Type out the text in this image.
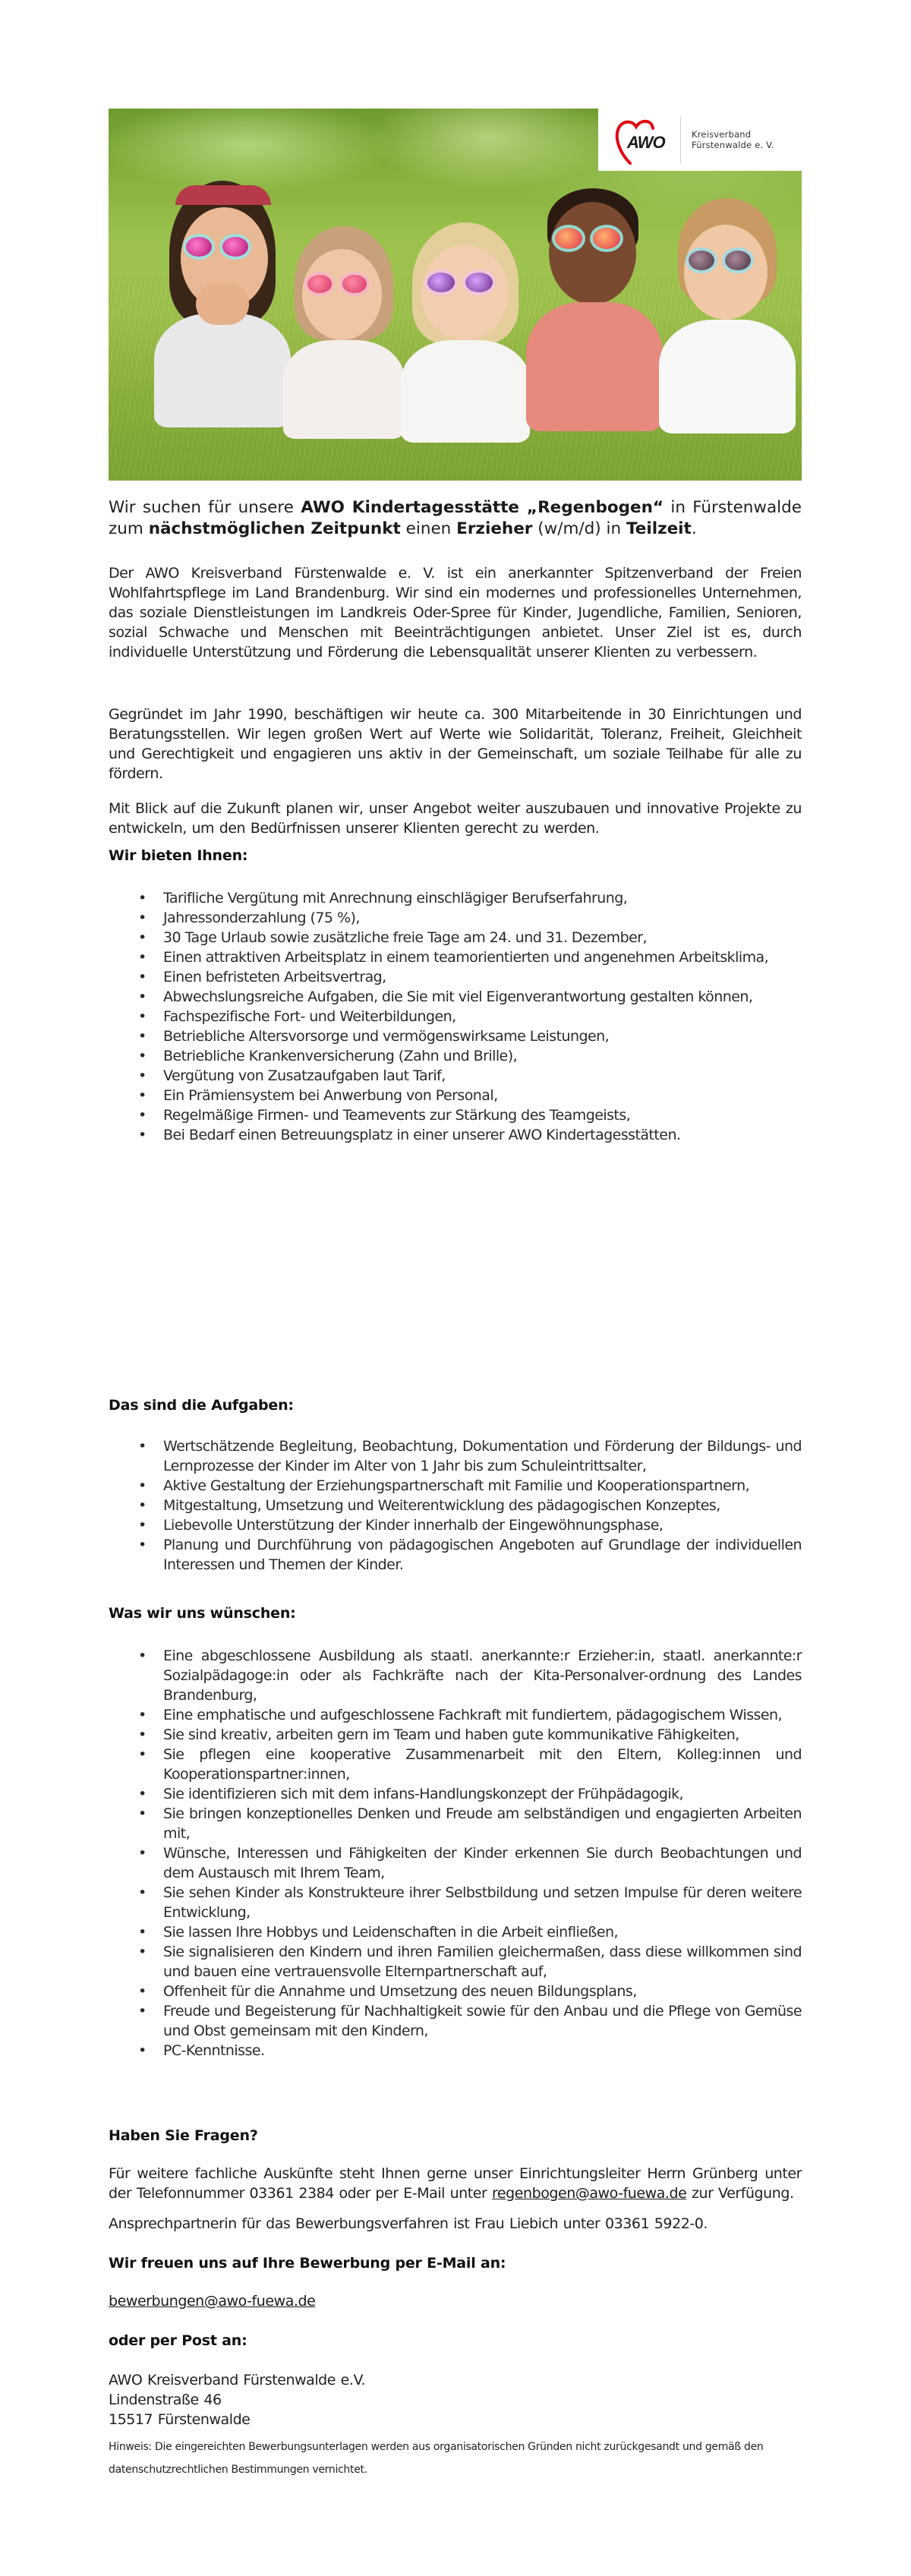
AWO	Kreisverband
Fürstenwalde e. V.

Wir suchen für unsere AWO Kindertagesstätte „Regenbogen“ in Fürstenwalde zum nächstmöglichen Zeitpunkt einen Erzieher (w/m/d) in Teilzeit.

Der AWO Kreisverband Fürstenwalde e. V. ist ein anerkannter Spitzenverband der Freien Wohlfahrtspflege im Land Brandenburg. Wir sind ein modernes und professionelles Unternehmen, das soziale Dienstleistungen im Landkreis Oder-Spree für Kinder, Jugendliche, Familien, Senioren, sozial Schwache und Menschen mit Beeinträchtigungen anbietet. Unser Ziel ist es, durch individuelle Unterstützung und Förderung die Lebensqualität unserer Klienten zu verbessern.

Gegründet im Jahr 1990, beschäftigen wir heute ca. 300 Mitarbeitende in 30 Einrichtungen und Beratungsstellen. Wir legen großen Wert auf Werte wie Solidarität, Toleranz, Freiheit, Gleichheit und Gerechtigkeit und engagieren uns aktiv in der Gemeinschaft, um soziale Teilhabe für alle zu fördern.

Mit Blick auf die Zukunft planen wir, unser Angebot weiter auszubauen und innovative Projekte zu entwickeln, um den Bedürfnissen unserer Klienten gerecht zu werden.

Wir bieten Ihnen:
• Tarifliche Vergütung mit Anrechnung einschlägiger Berufserfahrung,
• Jahressonderzahlung (75 %),
• 30 Tage Urlaub sowie zusätzliche freie Tage am 24. und 31. Dezember,
• Einen attraktiven Arbeitsplatz in einem teamorientierten und angenehmen Arbeitsklima,
• Einen befristeten Arbeitsvertrag,
• Abwechslungsreiche Aufgaben, die Sie mit viel Eigenverantwortung gestalten können,
• Fachspezifische Fort- und Weiterbildungen,
• Betriebliche Altersvorsorge und vermögenswirksame Leistungen,
• Betriebliche Krankenversicherung (Zahn und Brille),
• Vergütung von Zusatzaufgaben laut Tarif,
• Ein Prämiensystem bei Anwerbung von Personal,
• Regelmäßige Firmen- und Teamevents zur Stärkung des Teamgeists,
• Bei Bedarf einen Betreuungsplatz in einer unserer AWO Kindertagesstätten.
Das sind die Aufgaben:
• Wertschätzende Begleitung, Beobachtung, Dokumentation und Förderung der Bildungs- und Lernprozesse der Kinder im Alter von 1 Jahr bis zum Schuleintrittsalter,
• Aktive Gestaltung der Erziehungspartnerschaft mit Familie und Kooperationspartnern,
• Mitgestaltung, Umsetzung und Weiterentwicklung des pädagogischen Konzeptes,
• Liebevolle Unterstützung der Kinder innerhalb der Eingewöhnungsphase,
• Planung und Durchführung von pädagogischen Angeboten auf Grundlage der individuellen Interessen und Themen der Kinder.
Was wir uns wünschen:
• Eine abgeschlossene Ausbildung als staatl. anerkannte:r Erzieher:in, staatl. anerkannte:r Sozialpädagoge:in oder als Fachkräfte nach der Kita-Personalver-ordnung des Landes Brandenburg,
• Eine emphatische und aufgeschlossene Fachkraft mit fundiertem, pädagogischem Wissen,
• Sie sind kreativ, arbeiten gern im Team und haben gute kommunikative Fähigkeiten,
• Sie pflegen eine kooperative Zusammenarbeit mit den Eltern, Kolleg:innen und Kooperationspartner:innen,
• Sie identifizieren sich mit dem infans-Handlungskonzept der Frühpädagogik,
• Sie bringen konzeptionelles Denken und Freude am selbständigen und engagierten Arbeiten mit,
• Wünsche, Interessen und Fähigkeiten der Kinder erkennen Sie durch Beobachtungen und dem Austausch mit Ihrem Team,
• Sie sehen Kinder als Konstrukteure ihrer Selbstbildung und setzen Impulse für deren weitere Entwicklung,
• Sie lassen Ihre Hobbys und Leidenschaften in die Arbeit einfließen,
• Sie signalisieren den Kindern und ihren Familien gleichermaßen, dass diese willkommen sind und bauen eine vertrauensvolle Elternpartnerschaft auf,
• Offenheit für die Annahme und Umsetzung des neuen Bildungsplans,
• Freude und Begeisterung für Nachhaltigkeit sowie für den Anbau und die Pflege von Gemüse und Obst gemeinsam mit den Kindern,
• PC-Kenntnisse.
Haben Sie Fragen?

Für weitere fachliche Auskünfte steht Ihnen gerne unser Einrichtungsleiter Herrn Grünberg unter der Telefonnummer 03361 2384 oder per E-Mail unter regenbogen@awo-fuewa.de zur Verfügung.

Ansprechpartnerin für das Bewerbungsverfahren ist Frau Liebich unter 03361 5922-0.

Wir freuen uns auf Ihre Bewerbung per E-Mail an:

bewerbungen@awo-fuewa.de

oder per Post an:

AWO Kreisverband Fürstenwalde e.V.

Lindenstraße 46

15517 Fürstenwalde

Hinweis: Die eingereichten Bewerbungsunterlagen werden aus organisatorischen Gründen nicht zurückgesandt und gemäß den datenschutzrechtlichen Bestimmungen vernichtet.
